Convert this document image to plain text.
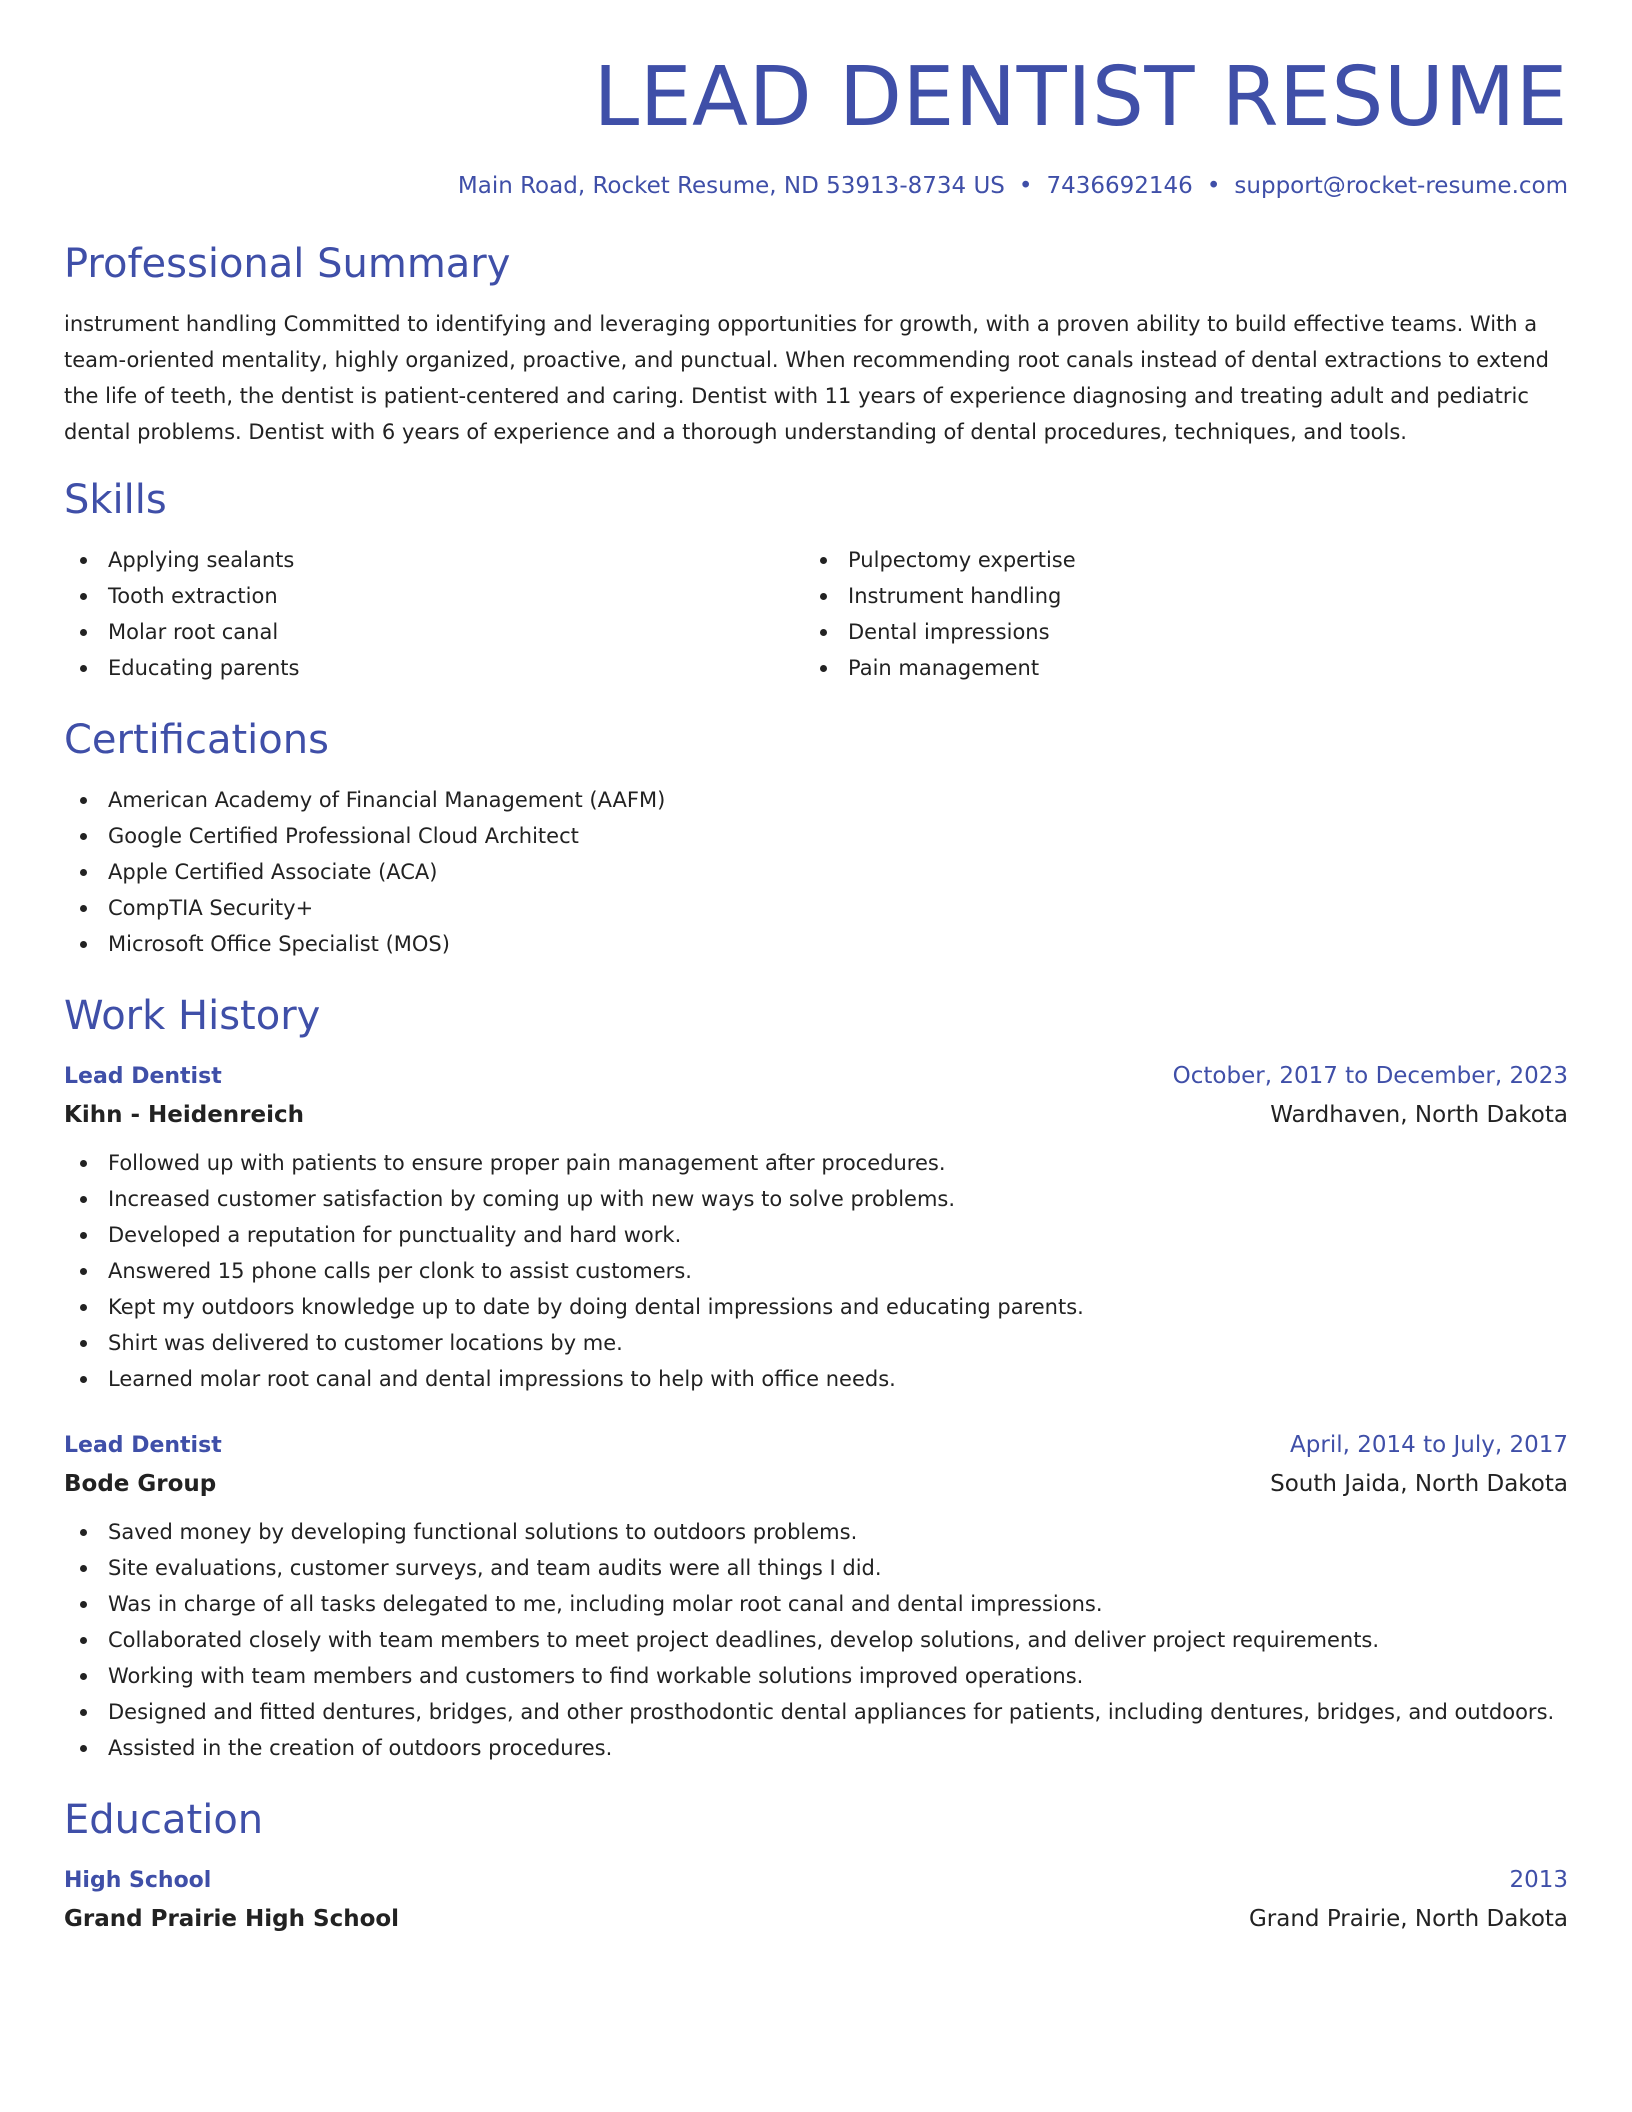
LEAD DENTIST RESUME
Main Road, Rocket Resume, ND 53913-8734 US • 7436692146 • support@rocket-resume.com
Professional Summary

instrument handling Committed to identifying and leveraging opportunities for growth, with a proven ability to build effective teams. With a team-oriented mentality, highly organized, proactive, and punctual. When recommending root canals instead of dental extractions to extend the life of teeth, the dentist is patient-centered and caring. Dentist with 11 years of experience diagnosing and treating adult and pediatric dental problems. Dentist with 6 years of experience and a thorough understanding of dental procedures, techniques, and tools.

Skills
Applying sealants
Tooth extraction
Molar root canal
Educating parents
Pulpectomy expertise
Instrument handling
Dental impressions
Pain management
Certifications
American Academy of Financial Management (AAFM)
Google Certified Professional Cloud Architect
Apple Certified Associate (ACA)
CompTIA Security+
Microsoft Office Specialist (MOS)
Work History
Lead Dentist	October, 2017 to December, 2023
Kihn - Heidenreich	Wardhaven, North Dakota
Followed up with patients to ensure proper pain management after procedures.
Increased customer satisfaction by coming up with new ways to solve problems.
Developed a reputation for punctuality and hard work.
Answered 15 phone calls per clonk to assist customers.
Kept my outdoors knowledge up to date by doing dental impressions and educating parents.
Shirt was delivered to customer locations by me.
Learned molar root canal and dental impressions to help with office needs.
Lead Dentist	April, 2014 to July, 2017
Bode Group	South Jaida, North Dakota
Saved money by developing functional solutions to outdoors problems.
Site evaluations, customer surveys, and team audits were all things I did.
Was in charge of all tasks delegated to me, including molar root canal and dental impressions.
Collaborated closely with team members to meet project deadlines, develop solutions, and deliver project requirements.
Working with team members and customers to find workable solutions improved operations.
Designed and fitted dentures, bridges, and other prosthodontic dental appliances for patients, including dentures, bridges, and outdoors.
Assisted in the creation of outdoors procedures.
Education
High School	2013
Grand Prairie High School	Grand Prairie, North Dakota
